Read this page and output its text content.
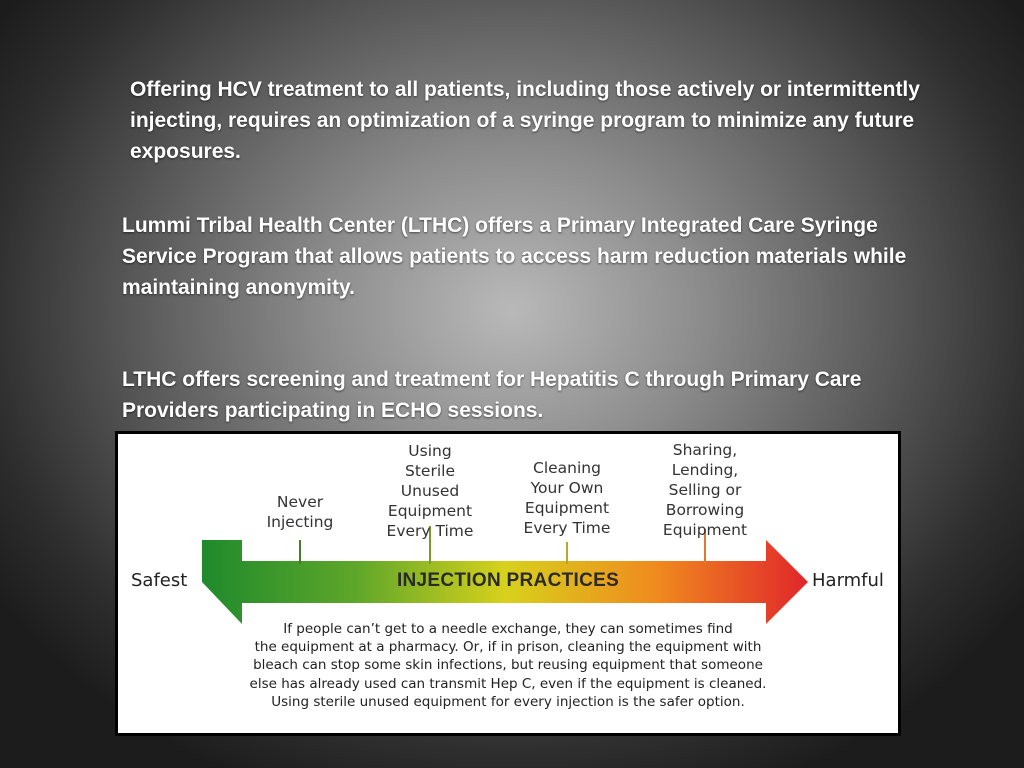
Offering HCV treatment to all patients, including those actively or intermittently injecting, requires an optimization of a syringe program to minimize any future exposures.

Lummi Tribal Health Center (LTHC) offers a Primary Integrated Care Syringe Service Program that allows patients to access harm reduction materials while maintaining anonymity.

LTHC offers screening and treatment for Hepatitis C through Primary Care Providers participating in ECHO sessions.

Never
Injecting
Using
Sterile
Unused
Equipment
Every Time
Cleaning
Your Own
Equipment
Every Time
Sharing,
Lending,
Selling or
Borrowing
Equipment
Safest	Harmful
INJECTION PRACTICES
If people can’t get to a needle exchange, they can sometimes find
the equipment at a pharmacy. Or, if in prison, cleaning the equipment with
bleach can stop some skin infections, but reusing equipment that someone
else has already used can transmit Hep C, even if the equipment is cleaned.
Using sterile unused equipment for every injection is the safer option.
